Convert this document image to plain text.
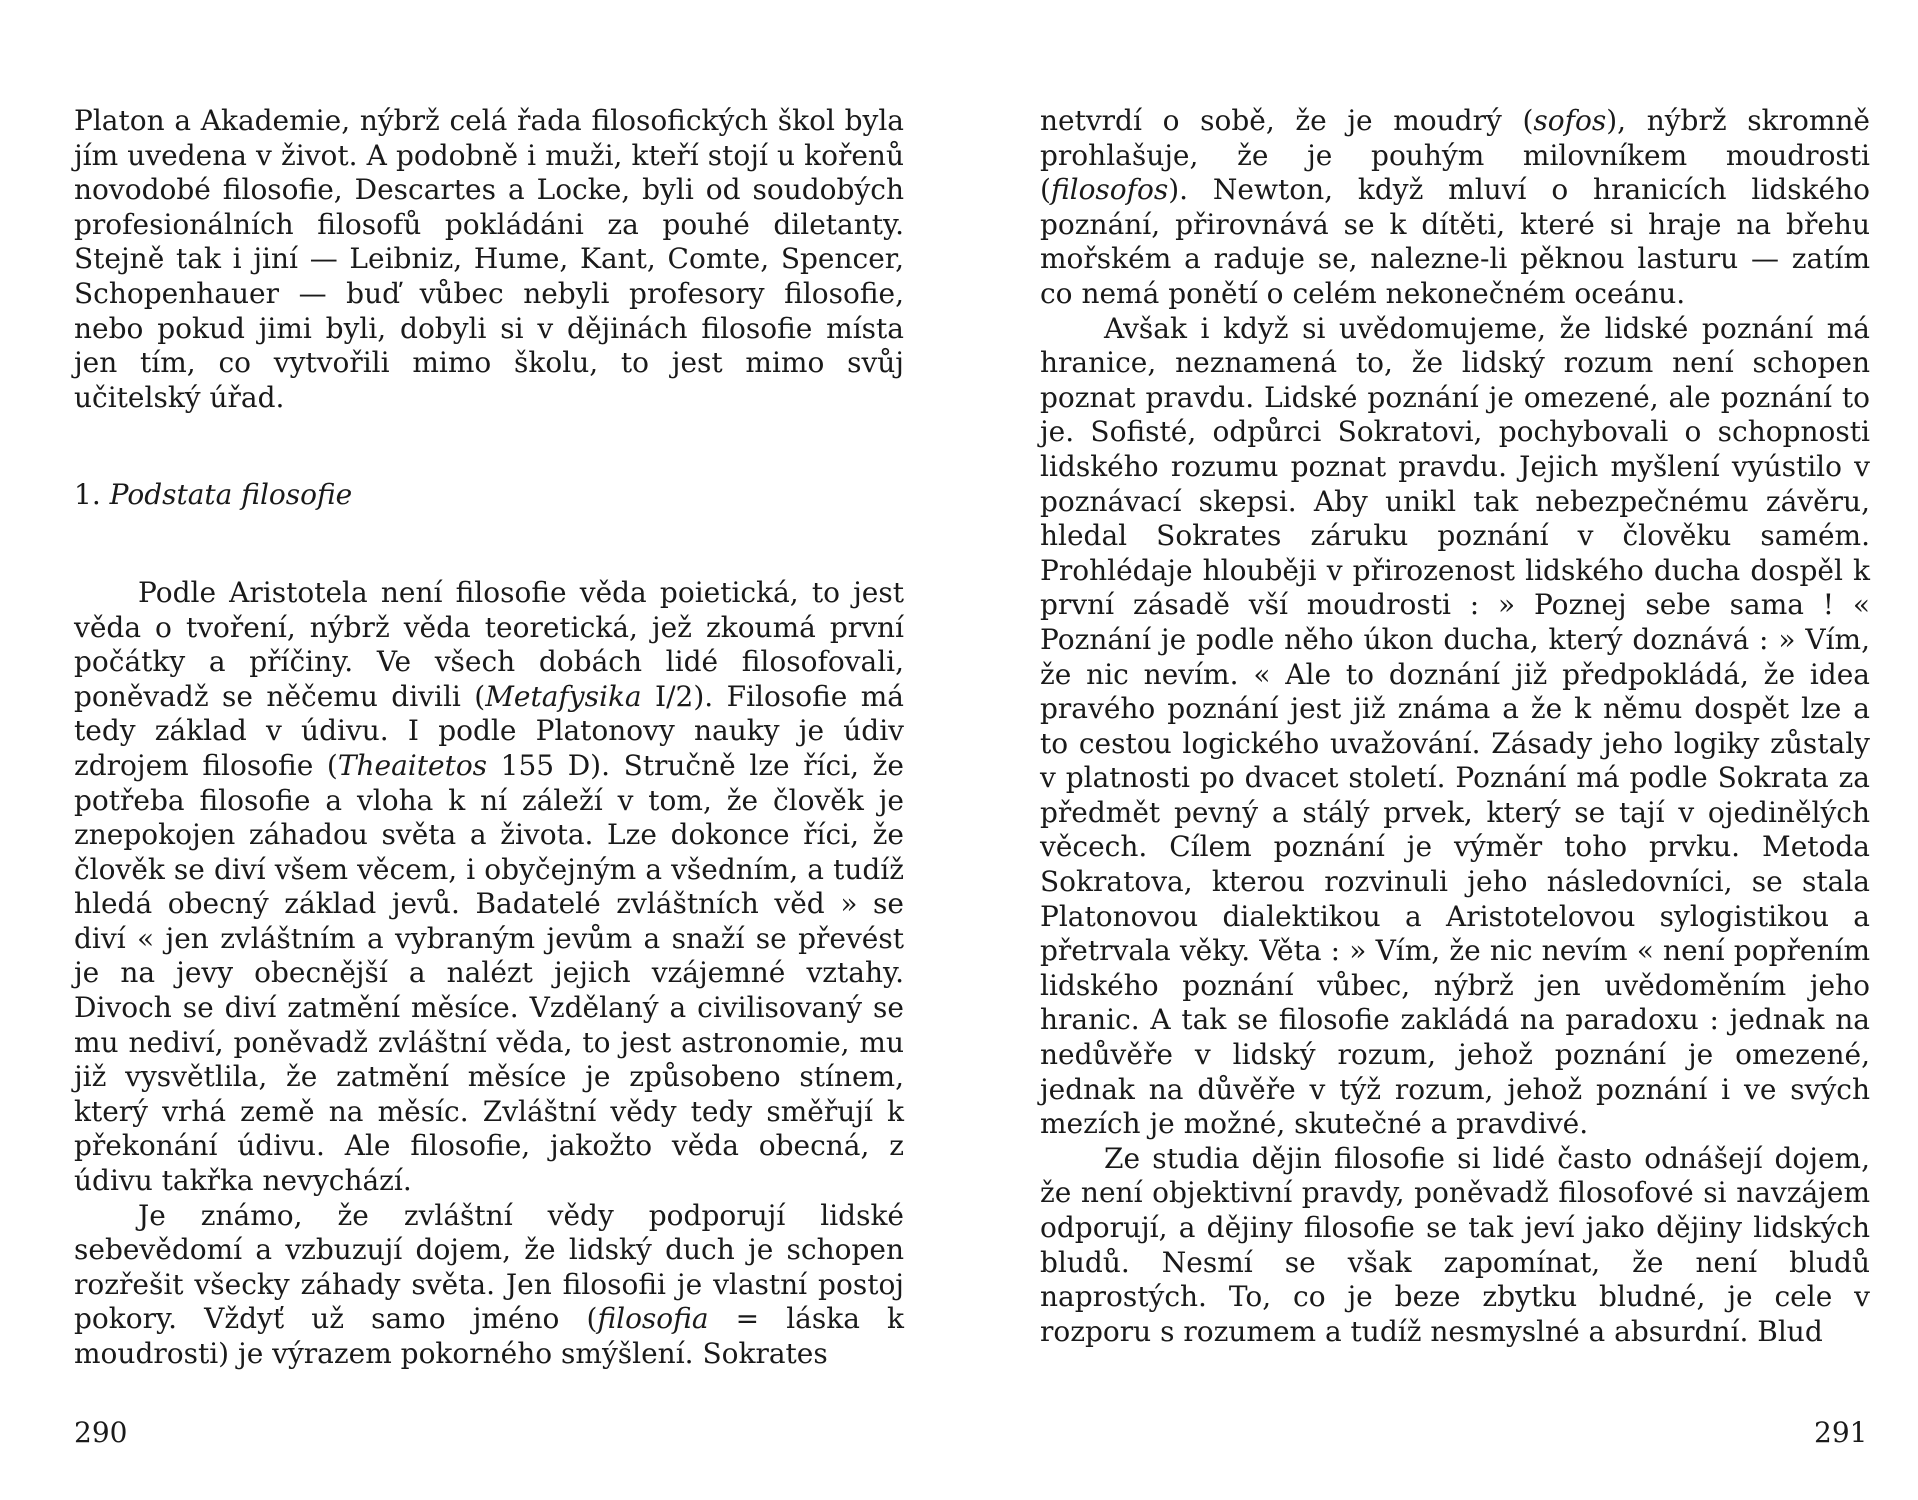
Platon a Akademie, nýbrž celá řada filosofických škol byla jím uvedena v život. A podobně i muži, kteří stojí u kořenů novodobé filosofie, Descartes a Locke, byli od soudobých profesionálních filosofů pokládáni za pouhé diletanty. Stejně tak i jiní — Leibniz, Hume, Kant, Comte, Spencer, Schopenhauer — buď vůbec nebyli profesory filosofie, nebo pokud jimi byli, dobyli si v dějinách filosofie místa jen tím, co vytvořili mimo školu, to jest mimo svůj učitelský úřad.

1. Podstata filosofie

Podle Aristotela není filosofie věda poietická, to jest věda o tvoření, nýbrž věda teoretická, jež zkoumá první počátky a příčiny. Ve všech dobách lidé filosofovali, poněvadž se něčemu divili (Metafysika I/2). Filosofie má tedy základ v údivu. I podle Platonovy nauky je údiv zdrojem filosofie (Theaitetos 155 D). Stručně lze říci, že potřeba filosofie a vloha k ní záleží v tom, že člověk je znepokojen záhadou světa a života. Lze dokonce říci, že člověk se diví všem věcem, i obyčejným a všedním, a tudíž hledá obecný základ jevů. Badatelé zvláštních věd » se diví « jen zvláštním a vybraným jevům a snaží se převést je na jevy obecnější a nalézt jejich vzájemné vztahy. Divoch se diví zatmění měsíce. Vzdělaný a civilisovaný se mu nediví, poněvadž zvláštní věda, to jest astronomie, mu již vysvětlila, že zatmění měsíce je způsobeno stínem, který vrhá země na měsíc. Zvláštní vědy tedy směřují k překonání údivu. Ale filosofie, jakožto věda obecná, z údivu takřka nevychází.

Je známo, že zvláštní vědy podporují lidské sebevědomí a vzbuzují dojem, že lidský duch je schopen rozřešit všecky záhady světa. Jen filosofii je vlastní postoj pokory. Vždyť už samo jméno (filosofia = láska k moudrosti) je výrazem pokorného smýšlení. Sokrates

netvrdí o sobě, že je moudrý (sofos), nýbrž skromně prohlašuje, že je pouhým milovníkem moudrosti (filosofos). Newton, když mluví o hranicích lidského poznání, přirovnává se k dítěti, které si hraje na břehu mořském a raduje se, nalezne-li pěknou lasturu — zatím co nemá ponětí o celém nekonečném oceánu.

Avšak i když si uvědomujeme, že lidské poznání má hranice, neznamená to, že lidský rozum není schopen poznat pravdu. Lidské poznání je omezené, ale poznání to je. Sofisté, odpůrci Sokratovi, pochybovali o schopnosti lidského rozumu poznat pravdu. Jejich myšlení vyústilo v poznávací skepsi. Aby unikl tak nebezpečnému závěru, hledal Sokrates záruku poznání v člověku samém. Prohlédaje hlouběji v přirozenost lidského ducha dospěl k první zásadě vší moudrosti : » Poznej sebe sama ! « Poznání je podle něho úkon ducha, který doznává : » Vím, že nic nevím. « Ale to doznání již předpokládá, že idea pravého poznání jest již známa a že k němu dospět lze a to cestou logického uvažování. Zásady jeho logiky zůstaly v platnosti po dvacet století. Poznání má podle Sokrata za předmět pevný a stálý prvek, který se tají v ojedinělých věcech. Cílem poznání je výměr toho prvku. Metoda Sokratova, kterou rozvinuli jeho následovníci, se stala Platonovou dialektikou a Aristotelovou sylogistikou a přetrvala věky. Věta : » Vím, že nic nevím « není popřením lidského poznání vůbec, nýbrž jen uvědoměním jeho hranic. A tak se filosofie zakládá na paradoxu : jednak na nedůvěře v lidský rozum, jehož poznání je omezené, jednak na důvěře v týž rozum, jehož poznání i ve svých mezích je možné, skutečné a pravdivé.

Ze studia dějin filosofie si lidé často odnášejí dojem, že není objektivní pravdy, poněvadž filosofové si navzájem odporují, a dějiny filosofie se tak jeví jako dějiny lidských bludů. Nesmí se však zapomínat, že není bludů naprostých. To, co je beze zbytku bludné, je cele v rozporu s rozumem a tudíž nesmyslné a absurdní. Blud

290	291
